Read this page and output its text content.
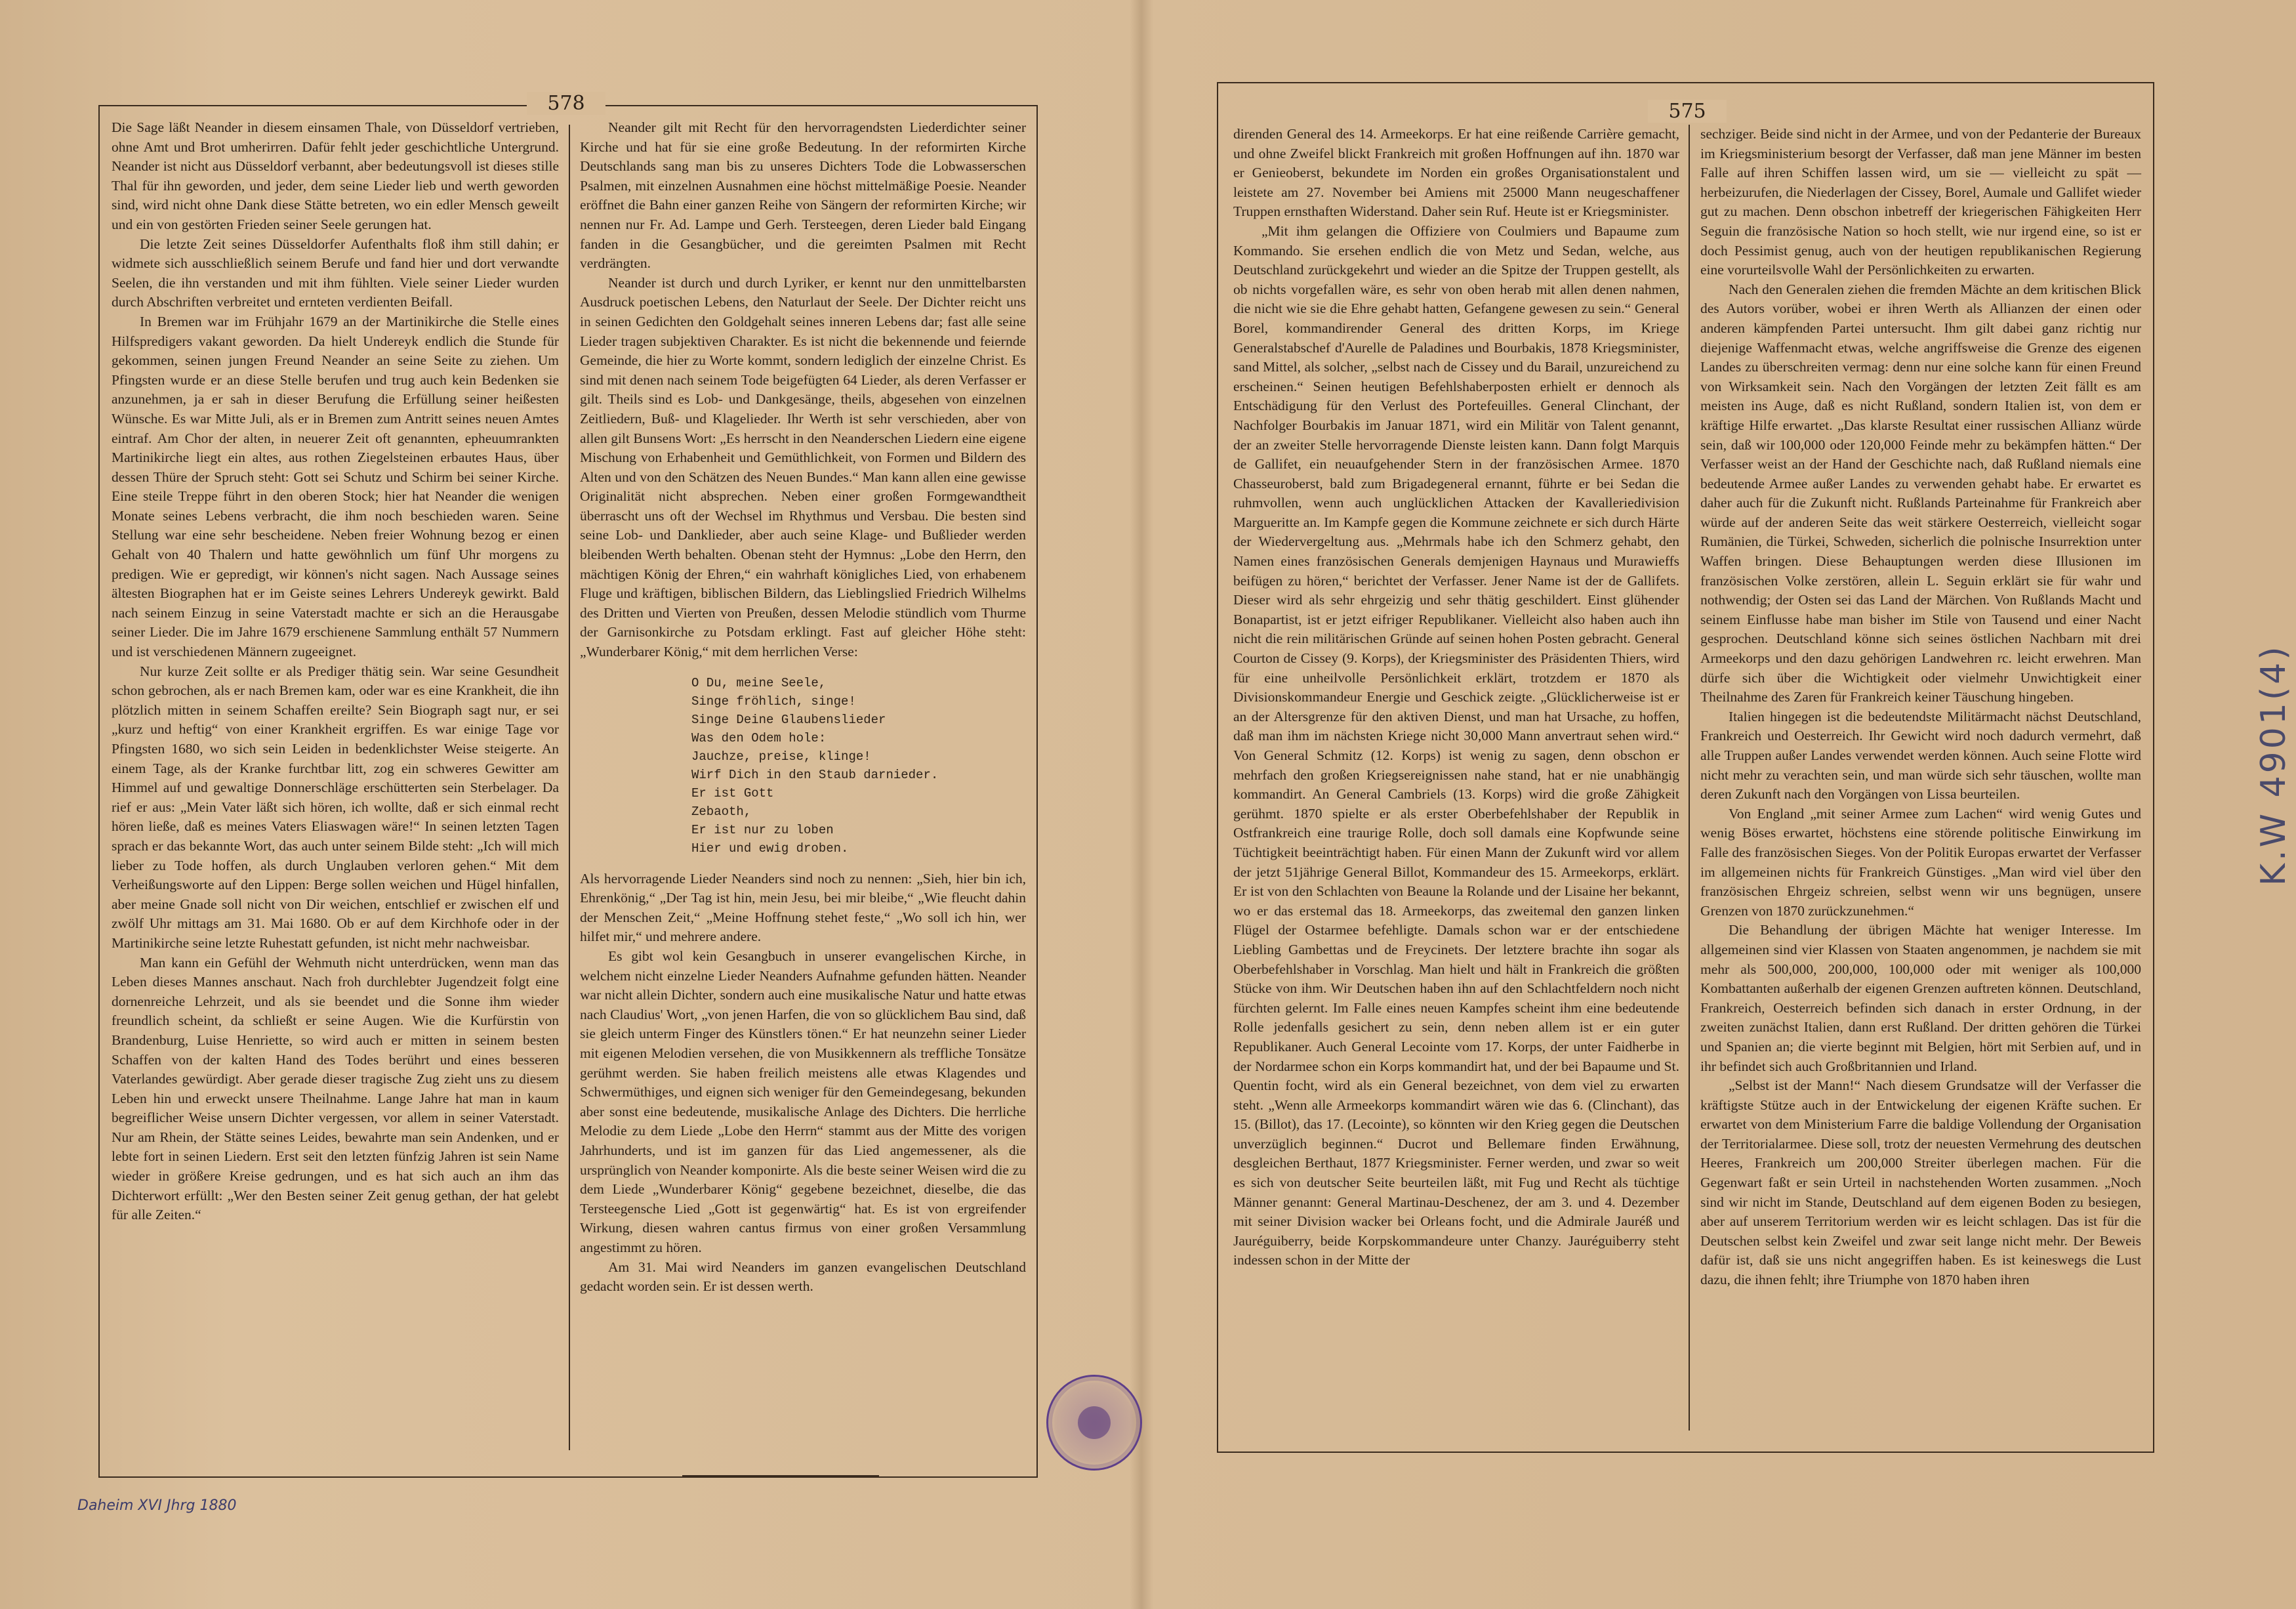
578

Die Sage läßt Neander in diesem einsamen Thale, von Düsseldorf vertrieben, ohne Amt und Brot umherirren. Dafür fehlt jeder geschichtliche Untergrund. Neander ist nicht aus Düsseldorf verbannt, aber bedeutungsvoll ist dieses stille Thal für ihn geworden, und jeder, dem seine Lieder lieb und werth geworden sind, wird nicht ohne Dank diese Stätte betreten, wo ein edler Mensch geweilt und ein von gestörten Frieden seiner Seele gerungen hat.

Die letzte Zeit seines Düsseldorfer Aufenthalts floß ihm still dahin; er widmete sich ausschließlich seinem Berufe und fand hier und dort verwandte Seelen, die ihn verstanden und mit ihm fühlten. Viele seiner Lieder wurden durch Abschriften verbreitet und ernteten verdienten Beifall.

In Bremen war im Frühjahr 1679 an der Martinikirche die Stelle eines Hilfspredigers vakant geworden. Da hielt Undereyk endlich die Stunde für gekommen, seinen jungen Freund Neander an seine Seite zu ziehen. Um Pfingsten wurde er an diese Stelle berufen und trug auch kein Bedenken sie anzunehmen, ja er sah in dieser Berufung die Erfüllung seiner heißesten Wünsche. Es war Mitte Juli, als er in Bremen zum Antritt seines neuen Amtes eintraf. Am Chor der alten, in neuerer Zeit oft genannten, epheuumrankten Martinikirche liegt ein altes, aus rothen Ziegelsteinen erbautes Haus, über dessen Thüre der Spruch steht: Gott sei Schutz und Schirm bei seiner Kirche. Eine steile Treppe führt in den oberen Stock; hier hat Neander die wenigen Monate seines Lebens verbracht, die ihm noch beschieden waren. Seine Stellung war eine sehr bescheidene. Neben freier Wohnung bezog er einen Gehalt von 40 Thalern und hatte gewöhnlich um fünf Uhr morgens zu predigen. Wie er gepredigt, wir können's nicht sagen. Nach Aussage seines ältesten Biographen hat er im Geiste seines Lehrers Undereyk gewirkt. Bald nach seinem Einzug in seine Vaterstadt machte er sich an die Herausgabe seiner Lieder. Die im Jahre 1679 erschienene Sammlung enthält 57 Nummern und ist verschiedenen Männern zugeeignet.

Nur kurze Zeit sollte er als Prediger thätig sein. War seine Gesundheit schon gebrochen, als er nach Bremen kam, oder war es eine Krankheit, die ihn plötzlich mitten in seinem Schaffen ereilte? Sein Biograph sagt nur, er sei „kurz und heftig“ von einer Krankheit ergriffen. Es war einige Tage vor Pfingsten 1680, wo sich sein Leiden in bedenklichster Weise steigerte. An einem Tage, als der Kranke furchtbar litt, zog ein schweres Gewitter am Himmel auf und gewaltige Donnerschläge erschütterten sein Sterbelager. Da rief er aus: „Mein Vater läßt sich hören, ich wollte, daß er sich einmal recht hören ließe, daß es meines Vaters Eliaswagen wäre!“ In seinen letzten Tagen sprach er das bekannte Wort, das auch unter seinem Bilde steht: „Ich will mich lieber zu Tode hoffen, als durch Unglauben verloren gehen.“ Mit dem Verheißungsworte auf den Lippen: Berge sollen weichen und Hügel hinfallen, aber meine Gnade soll nicht von Dir weichen, entschlief er zwischen elf und zwölf Uhr mittags am 31. Mai 1680. Ob er auf dem Kirchhofe oder in der Martinikirche seine letzte Ruhestatt gefunden, ist nicht mehr nachweisbar.

Man kann ein Gefühl der Wehmuth nicht unterdrücken, wenn man das Leben dieses Mannes anschaut. Nach froh durchlebter Jugendzeit folgt eine dornenreiche Lehrzeit, und als sie beendet und die Sonne ihm wieder freundlich scheint, da schließt er seine Augen. Wie die Kurfürstin von Brandenburg, Luise Henriette, so wird auch er mitten in seinem besten Schaffen von der kalten Hand des Todes berührt und eines besseren Vaterlandes gewürdigt. Aber gerade dieser tragische Zug zieht uns zu diesem Leben hin und erweckt unsere Theilnahme. Lange Jahre hat man in kaum begreiflicher Weise unsern Dichter vergessen, vor allem in seiner Vaterstadt. Nur am Rhein, der Stätte seines Leides, bewahrte man sein Andenken, und er lebte fort in seinen Liedern. Erst seit den letzten fünfzig Jahren ist sein Name wieder in größere Kreise gedrungen, und es hat sich auch an ihm das Dichterwort erfüllt: „Wer den Besten seiner Zeit genug gethan, der hat gelebt für alle Zeiten.“

Neander gilt mit Recht für den hervorragendsten Liederdichter seiner Kirche und hat für sie eine große Bedeutung. In der reformirten Kirche Deutschlands sang man bis zu unseres Dichters Tode die Lobwasserschen Psalmen, mit einzelnen Ausnahmen eine höchst mittelmäßige Poesie. Neander eröffnet die Bahn einer ganzen Reihe von Sängern der reformirten Kirche; wir nennen nur Fr. Ad. Lampe und Gerh. Tersteegen, deren Lieder bald Eingang fanden in die Gesangbücher, und die gereimten Psalmen mit Recht verdrängten.

Neander ist durch und durch Lyriker, er kennt nur den unmittelbarsten Ausdruck poetischen Lebens, den Naturlaut der Seele. Der Dichter reicht uns in seinen Gedichten den Goldgehalt seines inneren Lebens dar; fast alle seine Lieder tragen subjektiven Charakter. Es ist nicht die bekennende und feiernde Gemeinde, die hier zu Worte kommt, sondern lediglich der einzelne Christ. Es sind mit denen nach seinem Tode beigefügten 64 Lieder, als deren Verfasser er gilt. Theils sind es Lob- und Dankgesänge, theils, abgesehen von einzelnen Zeitliedern, Buß- und Klagelieder. Ihr Werth ist sehr verschieden, aber von allen gilt Bunsens Wort: „Es herrscht in den Neanderschen Liedern eine eigene Mischung von Erhabenheit und Gemüthlichkeit, von Formen und Bildern des Alten und von den Schätzen des Neuen Bundes.“ Man kann allen eine gewisse Originalität nicht absprechen. Neben einer großen Formgewandtheit überrascht uns oft der Wechsel im Rhythmus und Versbau. Die besten sind seine Lob- und Danklieder, aber auch seine Klage- und Bußlieder werden bleibenden Werth behalten. Obenan steht der Hymnus: „Lobe den Herrn, den mächtigen König der Ehren,“ ein wahrhaft königliches Lied, von erhabenem Fluge und kräftigen, biblischen Bildern, das Lieblingslied Friedrich Wilhelms des Dritten und Vierten von Preußen, dessen Melodie stündlich vom Thurme der Garnisonkirche zu Potsdam erklingt. Fast auf gleicher Höhe steht: „Wunderbarer König,“ mit dem herrlichen Verse:

O Du, meine Seele,
Singe fröhlich, singe!
Singe Deine Glaubenslieder
Was den Odem hole:
Jauchze, preise, klinge!
Wirf Dich in den Staub darnieder.
Er ist Gott
Zebaoth,
Er ist nur zu loben
Hier und ewig droben.

Als hervorragende Lieder Neanders sind noch zu nennen: „Sieh, hier bin ich, Ehrenkönig,“ „Der Tag ist hin, mein Jesu, bei mir bleibe,“ „Wie fleucht dahin der Menschen Zeit,“ „Meine Hoffnung stehet feste,“ „Wo soll ich hin, wer hilfet mir,“ und mehrere andere.

Es gibt wol kein Gesangbuch in unserer evangelischen Kirche, in welchem nicht einzelne Lieder Neanders Aufnahme gefunden hätten. Neander war nicht allein Dichter, sondern auch eine musikalische Natur und hatte etwas nach Claudius' Wort, „von jenen Harfen, die von so glücklichem Bau sind, daß sie gleich unterm Finger des Künstlers tönen.“ Er hat neunzehn seiner Lieder mit eigenen Melodien versehen, die von Musikkennern als treffliche Tonsätze gerühmt werden. Sie haben freilich meistens alle etwas Klagendes und Schwermüthiges, und eignen sich weniger für den Gemeindegesang, bekunden aber sonst eine bedeutende, musikalische Anlage des Dichters. Die herrliche Melodie zu dem Liede „Lobe den Herrn“ stammt aus der Mitte des vorigen Jahrhunderts, und ist im ganzen für das Lied angemessener, als die ursprünglich von Neander komponirte. Als die beste seiner Weisen wird die zu dem Liede „Wunderbarer König“ gegebene bezeichnet, dieselbe, die das Tersteegensche Lied „Gott ist gegenwärtig“ hat. Es ist von ergreifender Wirkung, diesen wahren cantus firmus von einer großen Versammlung angestimmt zu hören.

Am 31. Mai wird Neanders im ganzen evangelischen Deutschland gedacht worden sein. Er ist dessen werth.

Daheim XVI Jhrg 1880
575

direnden General des 14. Armeekorps. Er hat eine reißende Carrière gemacht, und ohne Zweifel blickt Frankreich mit großen Hoffnungen auf ihn. 1870 war er Genieoberst, bekundete im Norden ein großes Organisationstalent und leistete am 27. November bei Amiens mit 25000 Mann neugeschaffener Truppen ernsthaften Widerstand. Daher sein Ruf. Heute ist er Kriegsminister.

„Mit ihm gelangen die Offiziere von Coulmiers und Bapaume zum Kommando. Sie ersehen endlich die von Metz und Sedan, welche, aus Deutschland zurückgekehrt und wieder an die Spitze der Truppen gestellt, als ob nichts vorgefallen wäre, es sehr von oben herab mit allen denen nahmen, die nicht wie sie die Ehre gehabt hatten, Gefangene gewesen zu sein.“ General Borel, kommandirender General des dritten Korps, im Kriege Generalstabschef d'Aurelle de Paladines und Bourbakis, 1878 Kriegsminister, sand Mittel, als solcher, „selbst nach de Cissey und du Barail, unzureichend zu erscheinen.“ Seinen heutigen Befehlshaberposten erhielt er dennoch als Entschädigung für den Verlust des Portefeuilles. General Clinchant, der Nachfolger Bourbakis im Januar 1871, wird ein Militär von Talent genannt, der an zweiter Stelle hervorragende Dienste leisten kann. Dann folgt Marquis de Gallifet, ein neuaufgehender Stern in der französischen Armee. 1870 Chasseuroberst, bald zum Brigadegeneral ernannt, führte er bei Sedan die ruhmvollen, wenn auch unglücklichen Attacken der Kavalleriedivision Margueritte an. Im Kampfe gegen die Kommune zeichnete er sich durch Härte der Wiedervergeltung aus. „Mehrmals habe ich den Schmerz gehabt, den Namen eines französischen Generals demjenigen Haynaus und Murawieffs beifügen zu hören,“ berichtet der Verfasser. Jener Name ist der de Gallifets. Dieser wird als sehr ehrgeizig und sehr thätig geschildert. Einst glühender Bonapartist, ist er jetzt eifriger Republikaner. Vielleicht also haben auch ihn nicht die rein militärischen Gründe auf seinen hohen Posten gebracht. General Courton de Cissey (9. Korps), der Kriegsminister des Präsidenten Thiers, wird für eine unheilvolle Persönlichkeit erklärt, trotzdem er 1870 als Divisionskommandeur Energie und Geschick zeigte. „Glücklicherweise ist er an der Altersgrenze für den aktiven Dienst, und man hat Ursache, zu hoffen, daß man ihm im nächsten Kriege nicht 30,000 Mann anvertraut sehen wird.“ Von General Schmitz (12. Korps) ist wenig zu sagen, denn obschon er mehrfach den großen Kriegsereignissen nahe stand, hat er nie unabhängig kommandirt. An General Cambriels (13. Korps) wird die große Zähigkeit gerühmt. 1870 spielte er als erster Oberbefehlshaber der Republik in Ostfrankreich eine traurige Rolle, doch soll damals eine Kopfwunde seine Tüchtigkeit beeinträchtigt haben. Für einen Mann der Zukunft wird vor allem der jetzt 51jährige General Billot, Kommandeur des 15. Armeekorps, erklärt. Er ist von den Schlachten von Beaune la Rolande und der Lisaine her bekannt, wo er das erstemal das 18. Armeekorps, das zweitemal den ganzen linken Flügel der Ostarmee befehligte. Damals schon war er der entschiedene Liebling Gambettas und de Freycinets. Der letztere brachte ihn sogar als Oberbefehlshaber in Vorschlag. Man hielt und hält in Frankreich die größten Stücke von ihm. Wir Deutschen haben ihn auf den Schlachtfeldern noch nicht fürchten gelernt. Im Falle eines neuen Kampfes scheint ihm eine bedeutende Rolle jedenfalls gesichert zu sein, denn neben allem ist er ein guter Republikaner. Auch General Lecointe vom 17. Korps, der unter Faidherbe in der Nordarmee schon ein Korps kommandirt hat, und der bei Bapaume und St. Quentin focht, wird als ein General bezeichnet, von dem viel zu erwarten steht. „Wenn alle Armeekorps kommandirt wären wie das 6. (Clinchant), das 15. (Billot), das 17. (Lecointe), so könnten wir den Krieg gegen die Deutschen unverzüglich beginnen.“ Ducrot und Bellemare finden Erwähnung, desgleichen Berthaut, 1877 Kriegsminister. Ferner werden, und zwar so weit es sich von deutscher Seite beurteilen läßt, mit Fug und Recht als tüchtige Männer genannt: General Martinau-Deschenez, der am 3. und 4. Dezember mit seiner Division wacker bei Orleans focht, und die Admirale Jauréß und Jauréguiberry, beide Korpskommandeure unter Chanzy. Jauréguiberry steht indessen schon in der Mitte der

sechziger. Beide sind nicht in der Armee, und von der Pedanterie der Bureaux im Kriegsministerium besorgt der Verfasser, daß man jene Männer im besten Falle auf ihren Schiffen lassen wird, um sie — vielleicht zu spät — herbeizurufen, die Niederlagen der Cissey, Borel, Aumale und Gallifet wieder gut zu machen. Denn obschon inbetreff der kriegerischen Fähigkeiten Herr Seguin die französische Nation so hoch stellt, wie nur irgend eine, so ist er doch Pessimist genug, auch von der heutigen republikanischen Regierung eine vorurteilsvolle Wahl der Persönlichkeiten zu erwarten.

Nach den Generalen ziehen die fremden Mächte an dem kritischen Blick des Autors vorüber, wobei er ihren Werth als Allianzen der einen oder anderen kämpfenden Partei untersucht. Ihm gilt dabei ganz richtig nur diejenige Waffenmacht etwas, welche angriffsweise die Grenze des eigenen Landes zu überschreiten vermag: denn nur eine solche kann für einen Freund von Wirksamkeit sein. Nach den Vorgängen der letzten Zeit fällt es am meisten ins Auge, daß es nicht Rußland, sondern Italien ist, von dem er kräftige Hilfe erwartet. „Das klarste Resultat einer russischen Allianz würde sein, daß wir 100,000 oder 120,000 Feinde mehr zu bekämpfen hätten.“ Der Verfasser weist an der Hand der Geschichte nach, daß Rußland niemals eine bedeutende Armee außer Landes zu verwenden gehabt habe. Er erwartet es daher auch für die Zukunft nicht. Rußlands Parteinahme für Frankreich aber würde auf der anderen Seite das weit stärkere Oesterreich, vielleicht sogar Rumänien, die Türkei, Schweden, sicherlich die polnische Insurrektion unter Waffen bringen. Diese Behauptungen werden diese Illusionen im französischen Volke zerstören, allein L. Seguin erklärt sie für wahr und nothwendig; der Osten sei das Land der Märchen. Von Rußlands Macht und seinem Einflusse habe man bisher im Stile von Tausend und einer Nacht gesprochen. Deutschland könne sich seines östlichen Nachbarn mit drei Armeekorps und den dazu gehörigen Landwehren rc. leicht erwehren. Man dürfe sich über die Wichtigkeit oder vielmehr Unwichtigkeit einer Theilnahme des Zaren für Frankreich keiner Täuschung hingeben.

Italien hingegen ist die bedeutendste Militärmacht nächst Deutschland, Frankreich und Oesterreich. Ihr Gewicht wird noch dadurch vermehrt, daß alle Truppen außer Landes verwendet werden können. Auch seine Flotte wird nicht mehr zu verachten sein, und man würde sich sehr täuschen, wollte man deren Zukunft nach den Vorgängen von Lissa beurteilen.

Von England „mit seiner Armee zum Lachen“ wird wenig Gutes und wenig Böses erwartet, höchstens eine störende politische Einwirkung im Falle des französischen Sieges. Von der Politik Europas erwartet der Verfasser im allgemeinen nichts für Frankreich Günstiges. „Man wird viel über den französischen Ehrgeiz schreien, selbst wenn wir uns begnügen, unsere Grenzen von 1870 zurückzunehmen.“

Die Behandlung der übrigen Mächte hat weniger Interesse. Im allgemeinen sind vier Klassen von Staaten angenommen, je nachdem sie mit mehr als 500,000, 200,000, 100,000 oder mit weniger als 100,000 Kombattanten außerhalb der eigenen Grenzen auftreten können. Deutschland, Frankreich, Oesterreich befinden sich danach in erster Ordnung, in der zweiten zunächst Italien, dann erst Rußland. Der dritten gehören die Türkei und Spanien an; die vierte beginnt mit Belgien, hört mit Serbien auf, und in ihr befindet sich auch Großbritannien und Irland.

„Selbst ist der Mann!“ Nach diesem Grundsatze will der Verfasser die kräftigste Stütze auch in der Entwickelung der eigenen Kräfte suchen. Er erwartet von dem Ministerium Farre die baldige Vollendung der Organisation der Territorialarmee. Diese soll, trotz der neuesten Vermehrung des deutschen Heeres, Frankreich um 200,000 Streiter überlegen machen. Für die Gegenwart faßt er sein Urteil in nachstehenden Worten zusammen. „Noch sind wir nicht im Stande, Deutschland auf dem eigenen Boden zu besiegen, aber auf unserem Territorium werden wir es leicht schlagen. Das ist für die Deutschen selbst kein Zweifel und zwar seit lange nicht mehr. Der Beweis dafür ist, daß sie uns nicht angegriffen haben. Es ist keineswegs die Lust dazu, die ihnen fehlt; ihre Triumphe von 1870 haben ihren

K.W 4901(4)
